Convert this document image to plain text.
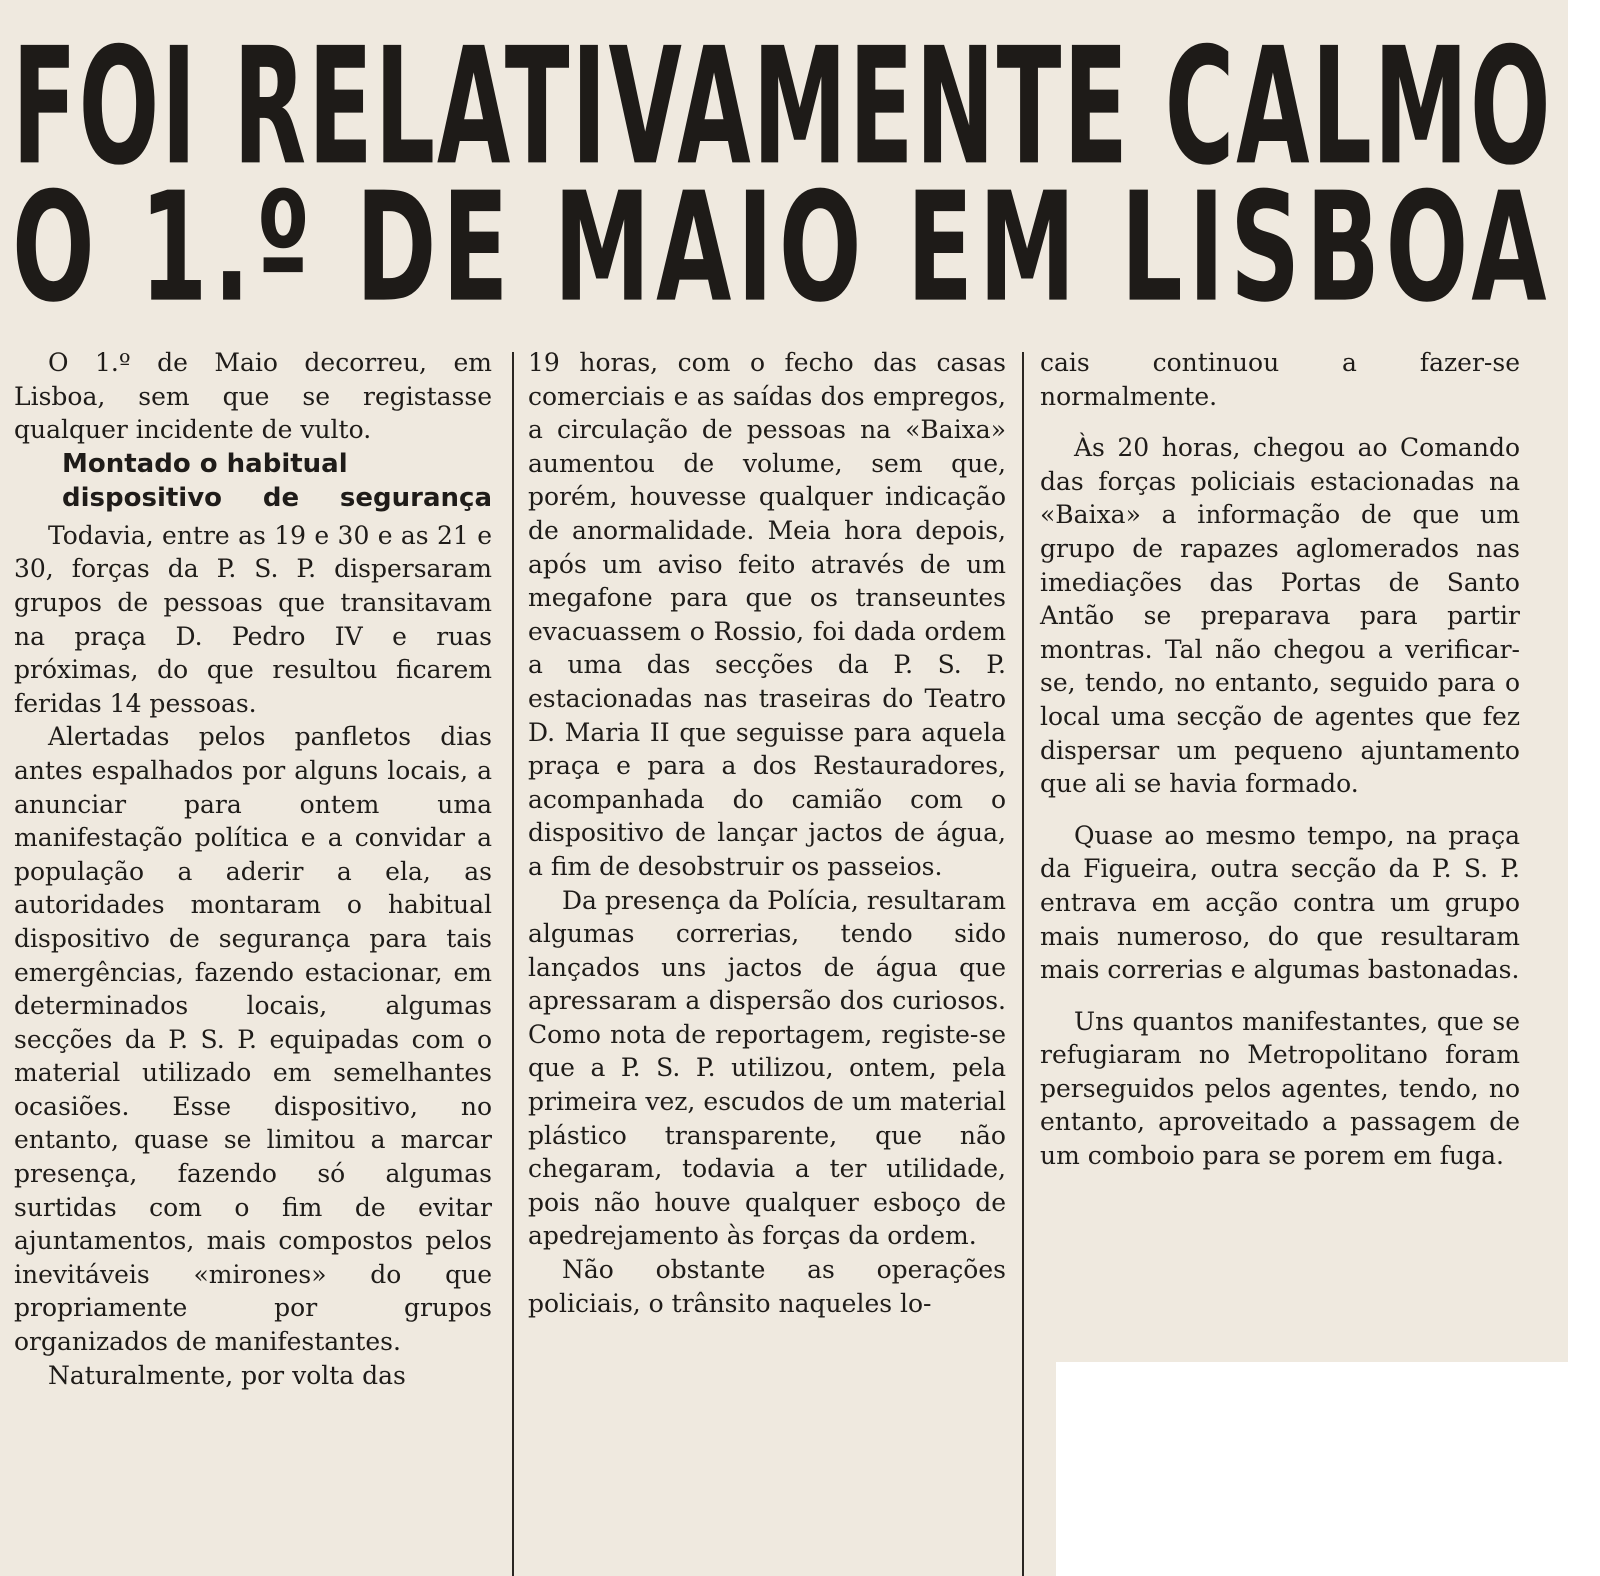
FOI RELATIVAMENTE CALMO
O 1.º DE MAIO EM LISBOA

O 1.º de Maio decorreu, em Lisboa, sem que se registasse qualquer incidente de vulto.

Montado o habitual
dispositivo de segurança

Todavia, entre as 19 e 30 e as 21 e 30, forças da P. S. P. dispersaram grupos de pessoas que transitavam na praça D. Pedro IV e ruas próximas, do que resultou ficarem feridas 14 pessoas.

Alertadas pelos panfletos dias antes espalhados por alguns locais, a anunciar para ontem uma manifestação política e a convidar a população a aderir a ela, as autoridades montaram o habitual dispositivo de segurança para tais emergências, fazendo estacionar, em determinados locais, algumas secções da P. S. P. equipadas com o material utilizado em semelhantes ocasiões. Esse dispositivo, no entanto, quase se limitou a marcar presença, fazendo só algumas surtidas com o fim de evitar ajuntamentos, mais compostos pelos inevitáveis «mirones» do que propriamente por grupos organizados de manifestantes.

Naturalmente, por volta das

19 horas, com o fecho das casas comerciais e as saídas dos empregos, a circulação de pessoas na «Baixa» aumentou de volume, sem que, porém, houvesse qualquer indicação de anormalidade. Meia hora depois, após um aviso feito através de um megafone para que os transeuntes evacuassem o Rossio, foi dada ordem a uma das secções da P. S. P. estacionadas nas traseiras do Teatro D. Maria II que seguisse para aquela praça e para a dos Restauradores, acompanhada do camião com o dispositivo de lançar jactos de água, a fim de desobstruir os passeios.

Da presença da Polícia, resultaram algumas correrias, tendo sido lançados uns jactos de água que apressaram a dispersão dos curiosos. Como nota de reportagem, registe-se que a P. S. P. utilizou, ontem, pela primeira vez, escudos de um material plástico transparente, que não chegaram, todavia a ter utilidade, pois não houve qualquer esboço de apedrejamento às forças da ordem.

Não obstante as operações policiais, o trânsito naqueles lo-

cais continuou a fazer-se normalmente.

Às 20 horas, chegou ao Comando das forças policiais estacionadas na «Baixa» a informação de que um grupo de rapazes aglomerados nas imediações das Portas de Santo Antão se preparava para partir montras. Tal não chegou a verificar-se, tendo, no entanto, seguido para o local uma secção de agentes que fez dispersar um pequeno ajuntamento que ali se havia formado.

Quase ao mesmo tempo, na praça da Figueira, outra secção da P. S. P. entrava em acção contra um grupo mais numeroso, do que resultaram mais correrias e algumas bastonadas.

Uns quantos manifestantes, que se refugiaram no Metropolitano foram perseguidos pelos agentes, tendo, no entanto, aproveitado a passagem de um comboio para se porem em fuga.
